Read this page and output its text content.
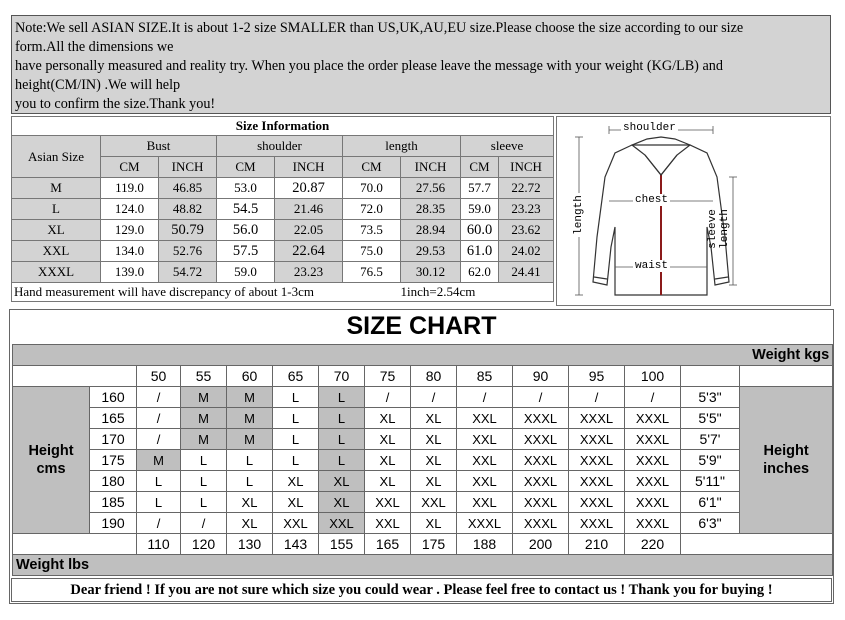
Note:We sell ASIAN SIZE.It is about 1-2 size SMALLER than US,UK,AU,EU size.Please choose the size according to our size
form.All the dimensions we
have personally measured and reality try. When you place the order please leave the message with your weight (KG/LB) and
height(CM/IN) .We will help
you to confirm the size.Thank you!
Size Information								
Asian Size	Bust		shoulder		length		sleeve	
	CM	INCH	CM	INCH	CM	INCH	CM	INCH
M	119.0	46.85	53.0	20.87	70.0	27.56	57.7	22.72
L	124.0	48.82	54.5	21.46	72.0	28.35	59.0	23.23
XL	129.0	50.79	56.0	22.05	73.5	28.94	60.0	23.62
XXL	134.0	52.76	57.5	22.64	75.0	29.53	61.0	24.02
XXXL	139.0	54.72	59.0	23.23	76.5	30.12	62.0	24.41
Hand measurement will have discrepancy of about 1-3cm						1inch=2.54cm		
shoulder
chest
waist
length	sleeve length
SIZE CHART
Weight kgs														
		50	55	60	65	70	75	80	85	90	95	100		
Height
cms	160	/	M	M	L	L	/	/	/	/	/	/	5'3"	Height
inches
	165	/	M	M	L	L	XL	XL	XXL	XXXL	XXXL	XXXL	5'5"	
	170	/	M	M	L	L	XL	XL	XXL	XXXL	XXXL	XXXL	5'7'	
	175	M	L	L	L	L	XL	XL	XXL	XXXL	XXXL	XXXL	5'9"	
	180	L	L	L	XL	XL	XL	XL	XXL	XXXL	XXXL	XXXL	5'11"	
	185	L	L	XL	XL	XL	XXL	XXL	XXL	XXXL	XXXL	XXXL	6'1"	
	190	/	/	XL	XXL	XXL	XXL	XL	XXXL	XXXL	XXXL	XXXL	6'3"	
		110	120	130	143	155	165	175	188	200	210	220		
Weight lbs														
Dear friend ! If you are not sure which size you could wear . Please feel free to contact us ! Thank you for buying !
